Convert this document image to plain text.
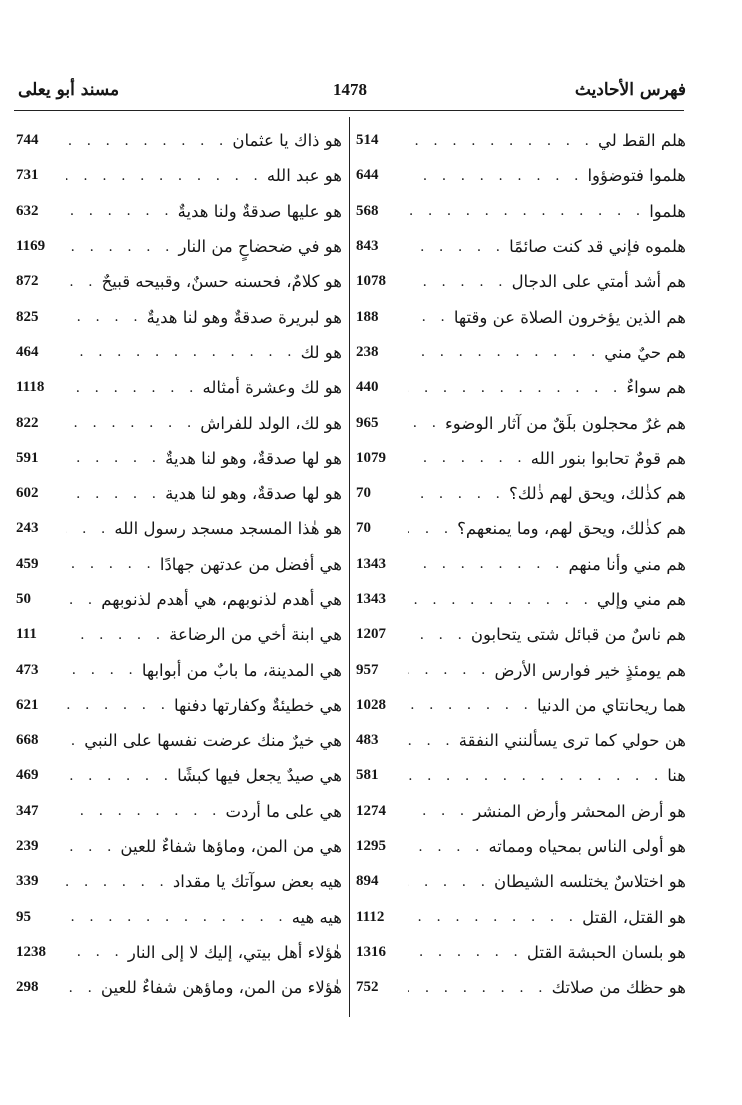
فهرس الأحاديث
1478
مسند أبو يعلى
514 . . .	هلم القط لي
644 . . .	هلموا فتوضؤوا
568 . . .	هلموا
843 . . .	هلموه فإني قد كنت صائمًا
1078 . . .	هم أشد أمتي على الدجال
188 . . .	هم الذين يؤخرون الصلاة عن وقتها
238 . . .	هم حيٌ مني
440 . . .	هم سواءٌ
965 . . .	هم غرٌ محجلون بلَقٌ من آثار الوضوء
1079 . . .	هم قومٌ تحابوا بنور الله
70 . . .	هم كذٰلك، ويحق لهم ذٰلك؟
70 . . .	هم كذٰلك، ويحق لهم، وما يمنعهم؟
1343 . . .	هم مني وأنا منهم
1343 . . .	هم مني وإلي
1207 . . .	هم ناسٌ من قبائل شتى يتحابون
957 . . .	هم يومئذٍ خير فوارس الأرض
1028 . . .	هما ريحانتاي من الدنيا
483 . . .	هن حولي كما ترى يسألنني النفقة
581 . . .	هنا
1274 . . .	هو أرض المحشر وأرض المنشر
1295 . . .	هو أولى الناس بمحياه ومماته
894 . . .	هو اختلاسٌ يختلسه الشيطان
1112 . . .	هو القتل، القتل
1316 . . .	هو بلسان الحبشة القتل
752 . . .	هو حظك من صلاتك
744 . . .	هو ذاك يا عثمان
731 . . .	هو عبد الله
632 . . .	هو عليها صدقةٌ ولنا هديةٌ
1169 . . .	هو في ضحضاحٍ من النار
872 . . .	هو كلامٌ، فحسنه حسنٌ، وقبيحه قبيحٌ
825 . . .	هو لبريرة صدقةٌ وهو لنا هديةٌ
464 . . .	هو لك
1118 . . .	هو لك وعشرة أمثاله
822 . . .	هو لك، الولد للفراش
591 . . .	هو لها صدقةٌ، وهو لنا هديةٌ
602 . . .	هو لها صدقةٌ، وهو لنا هدية
243 . . .	هو هٰذا المسجد مسجد رسول الله
459 . . .	هي أفضل من عدتهن جهادًا
50 . . .	هي أهدم لذنوبهم، هي أهدم لذنوبهم
111 . . .	هي ابنة أخي من الرضاعة
473 . . .	هي المدينة، ما بابٌ من أبوابها
621 . . .	هي خطيئةٌ وكفارتها دفنها
668 . . .	هي خيرٌ منك عرضت نفسها على النبي
469 . . .	هي صيدٌ يجعل فيها كبشًا
347 . . .	هي على ما أردت
239 . . .	هي من المن، وماؤها شفاءٌ للعين
339 . . .	هيه بعض سوآتك يا مقداد
95 . . .	هيه هيه
1238 . . .	هٰؤلاء أهل بيتي، إليك لا إلى النار
298 . . .	هٰؤلاء من المن، وماؤهن شفاءٌ للعين
